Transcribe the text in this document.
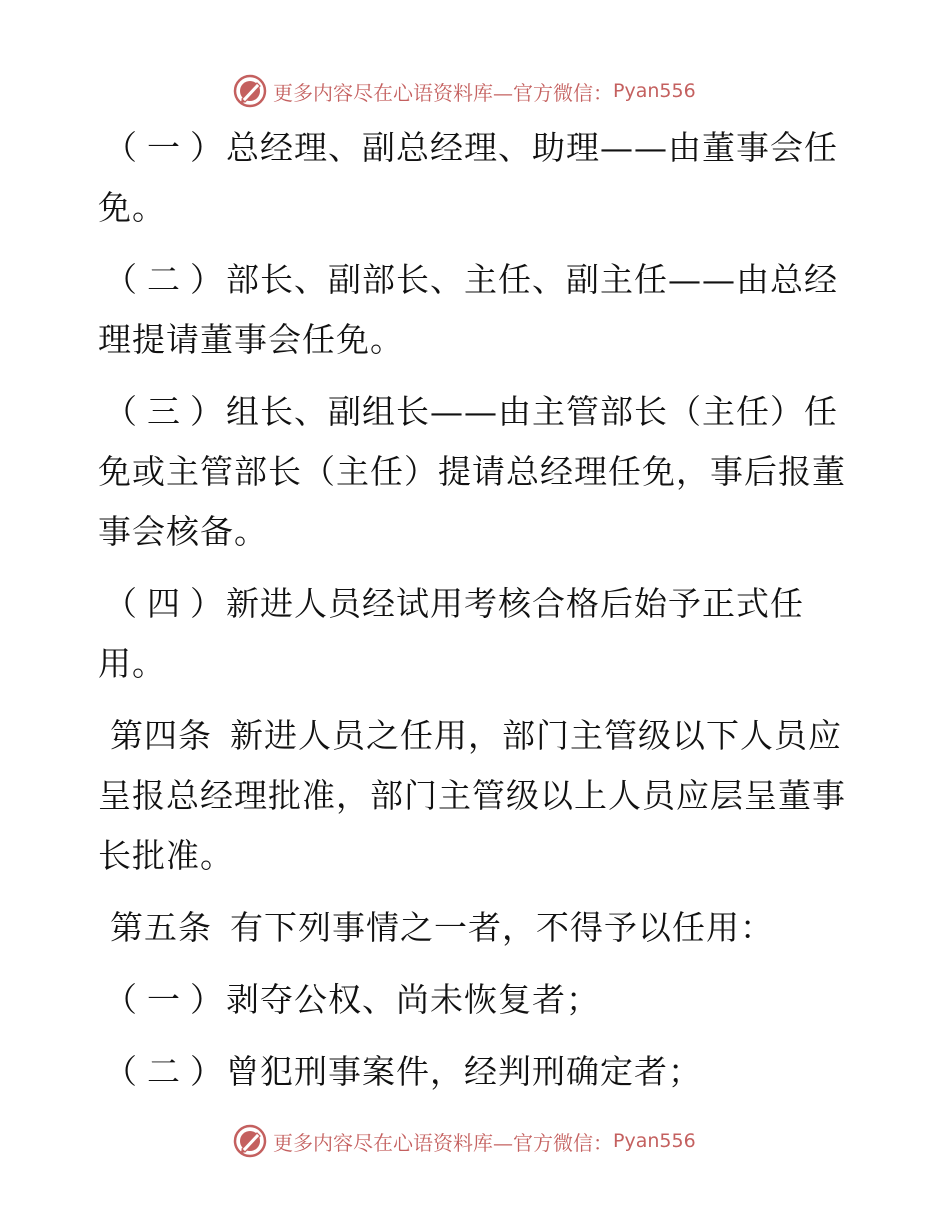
更多内容尽在心语资料库—官方微信： Pyan556

（一）总经理、副总经理、助理——由董事会任免。

（二）部长、副部长、主任、副主任——由总经理提请董事会任免。

（三）组长、副组长——由主管部长（主任）任免或主管部长（主任）提请总经理任免，事后报董事会核备。

（四）新进人员经试用考核合格后始予正式任用。

第四条 新进人员之任用，部门主管级以下人员应呈报总经理批准，部门主管级以上人员应层呈董事长批准。

第五条 有下列事情之一者，不得予以任用：

（一）剥夺公权、尚未恢复者；

（二）曾犯刑事案件，经判刑确定者；

更多内容尽在心语资料库—官方微信： Pyan556
